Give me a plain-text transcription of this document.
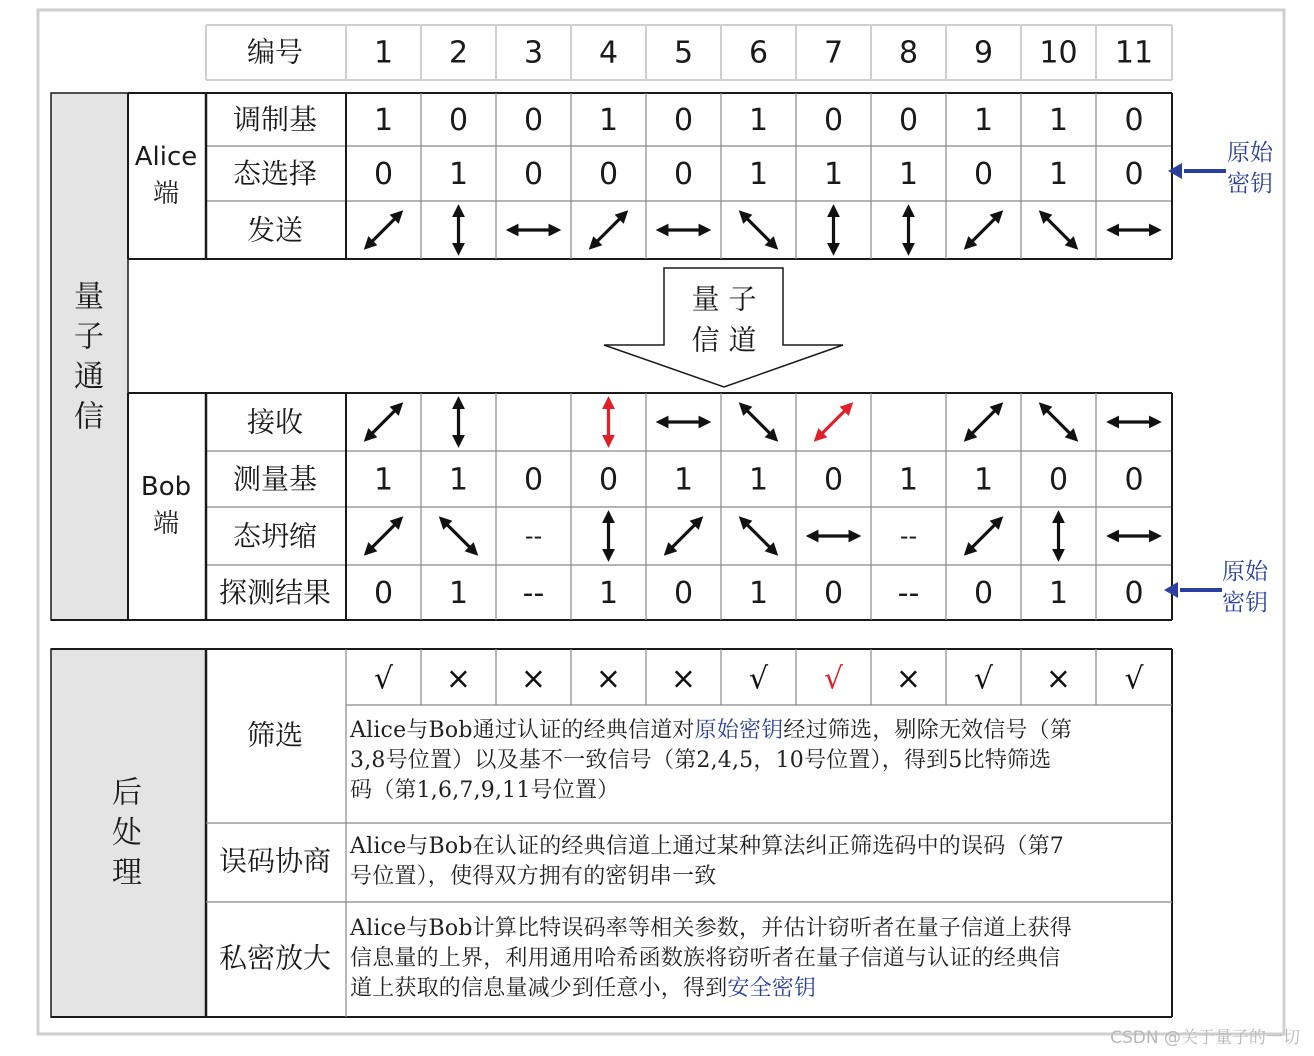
编号 1 2 3 4 5 6 7 8 9 10 11
量
子
通
信
后
处
理
Alice
端
Bob
端
调制基 1 0 0 1 0 1 0 0 1 1 0
态选择 0 1 0 0 0 1 1 1 0 1 0
发送
接收
测量基 1 1 0 0 1 1 0 1 1 0 0
态坍缩	--	--
探测结果 0 1 -- 1 0 1 0 -- 0 1 0
量 子
信 道
√ × × × × √ √ × √ × √
筛选
误码协商
私密放大
原始
密钥
原始
密钥
Alice与Bob通过认证的经典信道对原始密钥经过筛选，剔除无效信号（第
3,8号位置）以及基不一致信号（第2,4,5，10号位置），得到5比特筛选
码（第1,6,7,9,11号位置）
Alice与Bob在认证的经典信道上通过某种算法纠正筛选码中的误码（第7
号位置），使得双方拥有的密钥串一致
Alice与Bob计算比特误码率等相关参数，并估计窃听者在量子信道上获得
信息量的上界，利用通用哈希函数族将窃听者在量子信道与认证的经典信
道上获取的信息量减少到任意小，得到安全密钥
CSDN @关于量子的一切
